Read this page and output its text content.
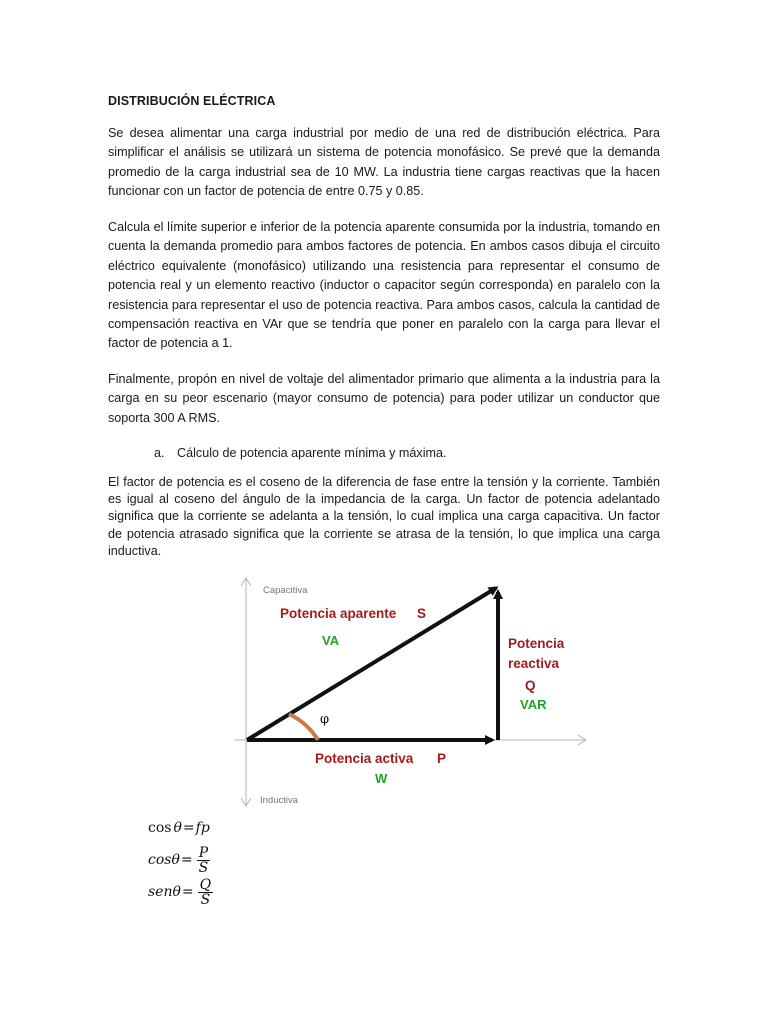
DISTRIBUCIÓN ELÉCTRICA

Se desea alimentar una carga industrial por medio de una red de distribución eléctrica. Para simplificar el análisis se utilizará un sistema de potencia monofásico. Se prevé que la demanda promedio de la carga industrial sea de 10 MW. La industria tiene cargas reactivas que la hacen funcionar con un factor de potencia de entre 0.75 y 0.85.

Calcula el límite superior e inferior de la potencia aparente consumida por la industria, tomando en cuenta la demanda promedio para ambos factores de potencia. En ambos casos dibuja el circuito eléctrico equivalente (monofásico) utilizando una resistencia para representar el consumo de potencia real y un elemento reactivo (inductor o capacitor según corresponda) en paralelo con la resistencia para representar el uso de potencia reactiva. Para ambos casos, calcula la cantidad de compensación reactiva en VAr que se tendría que poner en paralelo con la carga para llevar el factor de potencia a 1.

Finalmente, propón en nivel de voltaje del alimentador primario que alimenta a la industria para la carga en su peor escenario (mayor consumo de potencia) para poder utilizar un conductor que soporta 300 A RMS.

a. Cálculo de potencia aparente mínima y máxima.

El factor de potencia es el coseno de la diferencia de fase entre la tensión y la corriente. También es igual al coseno del ángulo de la impedancia de la carga. Un factor de potencia adelantado significa que la corriente se adelanta a la tensión, lo cual implica una carga capacitiva. Un factor de potencia atrasado significa que la corriente se atrasa de la tensión, lo que implica una carga inductiva.

Capacitiva
Inductiva
Potencia aparente S
VA	Potencia
reactiva
Q
VAR
Potencia activa P
W
φ
cos θ = fp
$\cos\theta = \frac{P}{S}$
$sen\theta = \frac{Q}{S}$
